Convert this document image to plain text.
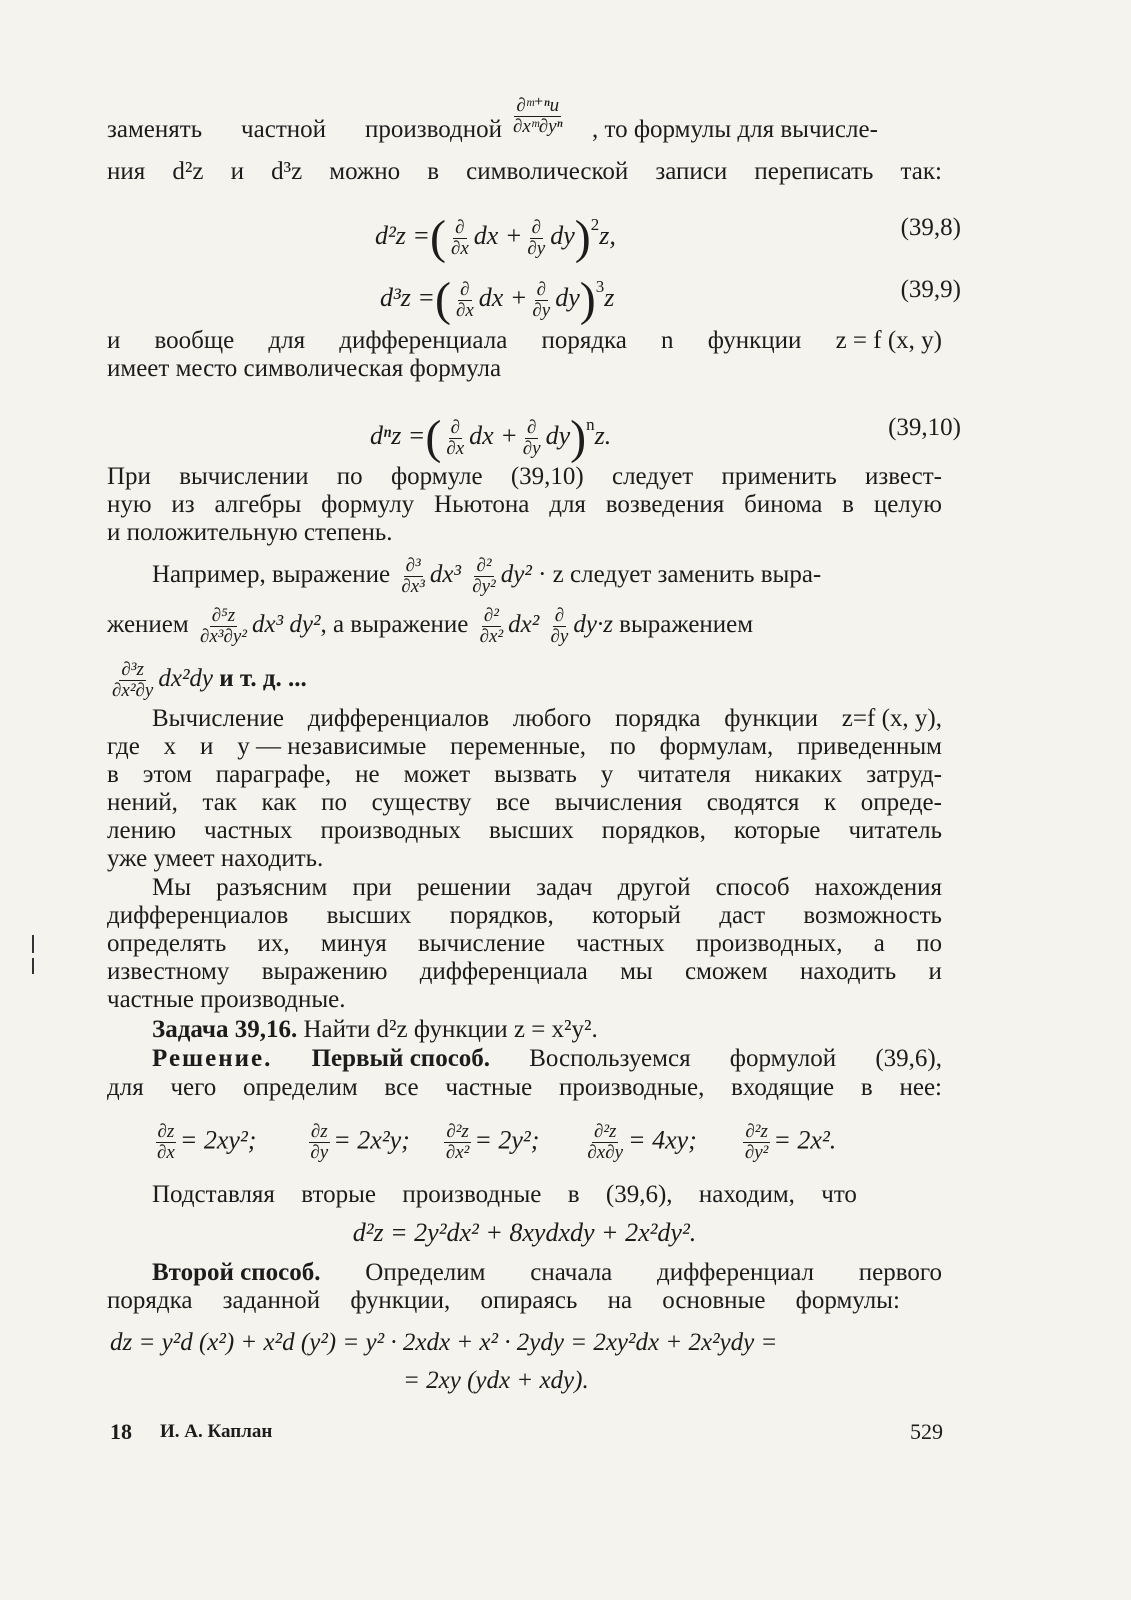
заменять частной производной
∂ᵐ⁺ⁿu
∂xᵐ∂yⁿ , то формулы для вычисле-
ния d²z и d³z можно в символической записи переписать так:
d²z =( ∂
∂x dx + ∂
∂y dy)$^2$z,	(39,8)
d³z =( ∂
∂x dx + ∂
∂y dy)$^3$z	(39,9)
и вообще для дифференциала порядка n функции z = f (x, y)
имеет место символическая формула
dⁿz =( ∂
∂x dx + ∂
∂y dy)$^n$z.	(39,10)
При вычислении по формуле (39,10) следует применить извест-
ную из алгебры формулу Ньютона для возведения бинома в целую
и положительную степень.
Например, выражение ∂³
∂x³ dx³ ∂²
∂y² dy² · z следует заменить выра-
жением $\frac{\text{∂⁵z}}{\text{∂x³∂y²}} dx^3$ dy², а выражение ∂²
∂x² dx² ∂
∂y dy·z выражением
$\frac{\text{∂³z}}{\text{∂x²∂y}} dx^2dy$ и т. д. ...
Вычисление дифференциалов любого порядка функции z=f (x, y),
где x и y — независимые переменные, по формулам, приведенным
в этом параграфе, не может вызвать у читателя никаких затруд-
нений, так как по существу все вычисления сводятся к опреде-
лению частных производных высших порядков, которые читатель
уже умеет находить.
Мы разъясним при решении задач другой способ нахождения
дифференциалов высших порядков, который даст возможность
определять их, минуя вычисление частных производных, а по
известному выражению дифференциала мы сможем находить и
частные производные.
Задача 39,16. Найти d²z функции z = x²y².
Решение. Первый способ. Воспользуемся формулой (39,6),
для чего определим все частные производные, входящие в нее:
$\frac{\partial z}{\partial x} = 2xy^2$;	$\frac{\partial z}{\partial y} = 2x^2y$; $\frac{\text{∂²z}}{\text{∂x²}} = 2y^2$; $\frac{\text{∂²z}}{\partial x\partial y} = 4xy$; $\frac{\text{∂²z}}{\text{∂y²}} = 2x^2$.
Подставляя вторые производные в (39,6), находим, что
d²z = 2y²dx² + 8xydxdy + 2x²dy².
Второй способ. Определим сначала дифференциал первого
порядка заданной функции, опираясь на основные формулы:
dz = y²d (x²) + x²d (y²) = y² · 2xdx + x² · 2ydy = 2xy²dx + 2x²ydy =
= 2xy (ydx + xdy).
18 И. А. Каплан	529
